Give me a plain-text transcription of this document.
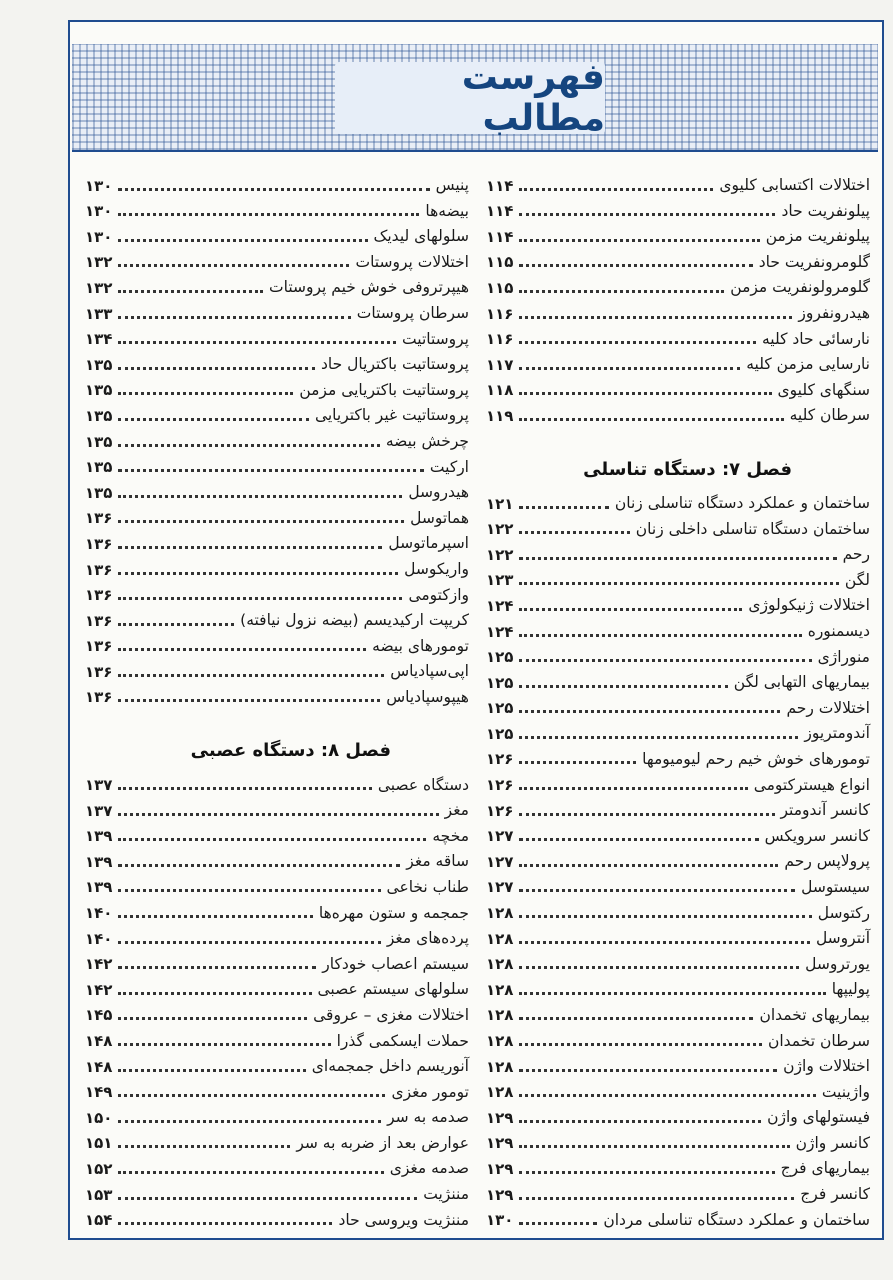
فهرست مطالب
اختلالات اکتسابی کلیوی
۱۱۴
پیلونفریت حاد
۱۱۴
پیلونفریت مزمن
۱۱۴
گلومرونفریت حاد
۱۱۵
گلومرولونفریت مزمن
۱۱۵
هیدرونفروز
۱۱۶
نارسائی حاد کلیه
۱۱۶
نارسایی مزمن کلیه
۱۱۷
سنگهای کلیوی
۱۱۸
سرطان کلیه
۱۱۹
فصل ۷: دستگاه تناسلی
ساختمان و عملکرد دستگاه تناسلی زنان
۱۲۱
ساختمان دستگاه تناسلی داخلی زنان
۱۲۲
رحم
۱۲۲
لگن
۱۲۳
اختلالات ژنیکولوژی
۱۲۴
دیسمنوره
۱۲۴
منوراژی
۱۲۵
بیماریهای التهابی لگن
۱۲۵
اختلالات رحم
۱۲۵
آندومتریوز
۱۲۵
تومورهای خوش خیم رحم لیومیومها
۱۲۶
انواع هیسترکتومی
۱۲۶
کانسر آندومتر
۱۲۶
کانسر سرویکس
۱۲۷
پرولاپس رحم
۱۲۷
سیستوسل
۱۲۷
رکتوسل
۱۲۸
آنتروسل
۱۲۸
یورتروسل
۱۲۸
پولیپها
۱۲۸
بیماریهای تخمدان
۱۲۸
سرطان تخمدان
۱۲۸
اختلالات واژن
۱۲۸
واژینیت
۱۲۸
فیستولهای واژن
۱۲۹
کانسر واژن
۱۲۹
بیماریهای فرج
۱۲۹
کانسر فرج
۱۲۹
ساختمان و عملکرد دستگاه تناسلی مردان
۱۳۰
پنیس
۱۳۰
بیضه‌ها
۱۳۰
سلولهای لیدیک
۱۳۰
اختلالات پروستات
۱۳۲
هیپرتروفی خوش خیم پروستات
۱۳۲
سرطان پروستات
۱۳۳
پروستاتیت
۱۳۴
پروستاتیت باکتریال حاد
۱۳۵
پروستاتیت باکتریایی مزمن
۱۳۵
پروستاتیت غیر باکتریایی
۱۳۵
چرخش بیضه
۱۳۵
ارکیت
۱۳۵
هیدروسل
۱۳۵
هماتوسل
۱۳۶
اسپرماتوسل
۱۳۶
واریکوسل
۱۳۶
وازکتومی
۱۳۶
کریپت ارکیدیسم (بیضه نزول نیافته)
۱۳۶
تومورهای بیضه
۱۳۶
اپی‌سپادیاس
۱۳۶
هیپوسپادیاس
۱۳۶
فصل ۸: دستگاه عصبی
دستگاه عصبی
۱۳۷
مغز
۱۳۷
مخچه
۱۳۹
ساقه مغز
۱۳۹
طناب نخاعی
۱۳۹
جمجمه و ستون مهره‌ها
۱۴۰
پرده‌های مغز
۱۴۰
سیستم اعصاب خودکار
۱۴۲
سلولهای سیستم عصبی
۱۴۲
اختلالات مغزی – عروقی
۱۴۵
حملات ایسکمی گذرا
۱۴۸
آنوریسم داخل جمجمه‌ای
۱۴۸
تومور مغزی
۱۴۹
صدمه به سر
۱۵۰
عوارض بعد از ضربه به سر
۱۵۱
صدمه مغزی
۱۵۲
مننژیت
۱۵۳
مننژیت ویروسی حاد
۱۵۴
